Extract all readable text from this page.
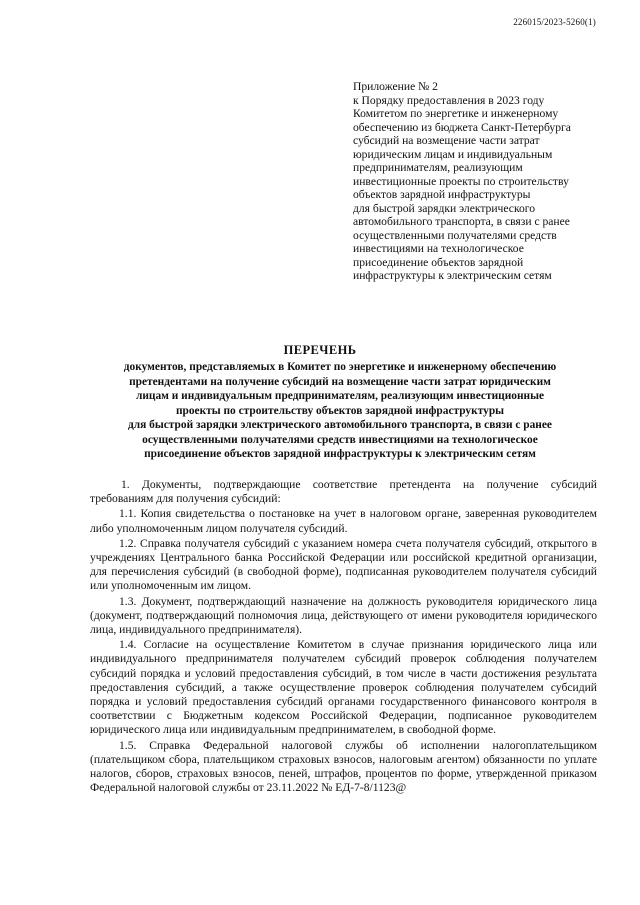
226015/2023-5260(1)
Приложение № 2
к Порядку предоставления в 2023 году
Комитетом по энергетике и инженерному
обеспечению из бюджета Санкт-Петербурга
субсидий на возмещение части затрат
юридическим лицам и индивидуальным
предпринимателям, реализующим
инвестиционные проекты по строительству
объектов зарядной инфраструктуры
для быстрой зарядки электрического
автомобильного транспорта, в связи с ранее
осуществленными получателями средств
инвестициями на технологическое
присоединение объектов зарядной
инфраструктуры к электрическим сетям
ПЕРЕЧЕНЬ
документов, представляемых в Комитет по энергетике и инженерному обеспечению
претендентами на получение субсидий на возмещение части затрат юридическим
лицам и индивидуальным предпринимателям, реализующим инвестиционные
проекты по строительству объектов зарядной инфраструктуры
для быстрой зарядки электрического автомобильного транспорта, в связи с ранее
осуществленными получателями средств инвестициями на технологическое
присоединение объектов зарядной инфраструктуры к электрическим сетям
1. Документы, подтверждающие соответствие претендента на получение субсидий требованиям для получения субсидий:
1.1. Копия свидетельства о постановке на учет в налоговом органе, заверенная руководителем либо уполномоченным лицом получателя субсидий.
1.2. Справка получателя субсидий с указанием номера счета получателя субсидий, открытого в учреждениях Центрального банка Российской Федерации или российской кредитной организации, для перечисления субсидий (в свободной форме), подписанная руководителем получателя субсидий или уполномоченным им лицом.
1.3. Документ, подтверждающий назначение на должность руководителя юридического лица (документ, подтверждающий полномочия лица, действующего от имени руководителя юридического лица, индивидуального предпринимателя).
1.4. Согласие на осуществление Комитетом в случае признания юридического лица или индивидуального предпринимателя получателем субсидий проверок соблюдения получателем субсидий порядка и условий предоставления субсидий, в том числе в части достижения результата предоставления субсидий, а также осуществление проверок соблюдения получателем субсидий порядка и условий предоставления субсидий органами государственного финансового контроля в соответствии с Бюджетным кодексом Российской Федерации, подписанное руководителем юридического лица или индивидуальным предпринимателем, в свободной форме.
1.5. Справка Федеральной налоговой службы об исполнении налогоплательщиком (плательщиком сбора, плательщиком страховых взносов, налоговым агентом) обязанности по уплате налогов, сборов, страховых взносов, пеней, штрафов, процентов по форме, утвержденной приказом Федеральной налоговой службы от 23.11.2022 № ЕД-7-8/1123@
